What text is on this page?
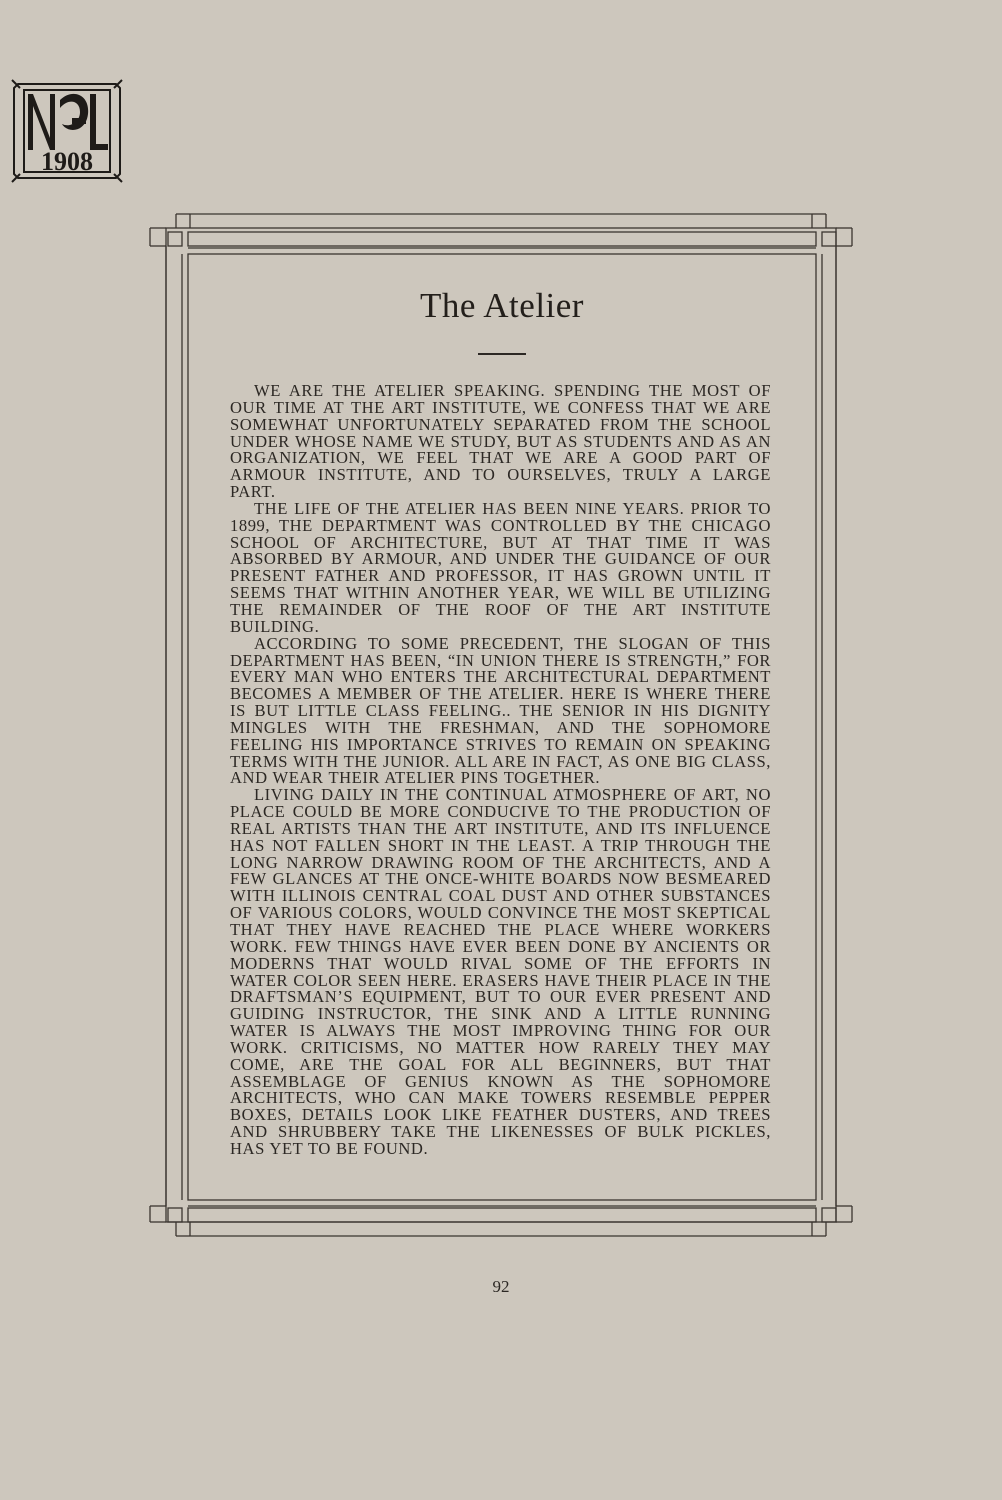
1908
The Atelier

WE ARE THE ATELIER SPEAKING. SPENDING THE MOST OF OUR TIME AT THE ART INSTITUTE, WE CONFESS THAT WE ARE SOMEWHAT UNFORTUNATELY SEPARATED FROM THE SCHOOL UNDER WHOSE NAME WE STUDY, BUT AS STUDENTS AND AS AN ORGANIZATION, WE FEEL THAT WE ARE A GOOD PART OF ARMOUR INSTITUTE, AND TO OURSELVES, TRULY A LARGE PART.

THE LIFE OF THE ATELIER HAS BEEN NINE YEARS. PRIOR TO 1899, THE DEPARTMENT WAS CONTROLLED BY THE CHICAGO SCHOOL OF ARCHITECTURE, BUT AT THAT TIME IT WAS ABSORBED BY ARMOUR, AND UNDER THE GUIDANCE OF OUR PRESENT FATHER AND PROFESSOR, IT HAS GROWN UNTIL IT SEEMS THAT WITHIN ANOTHER YEAR, WE WILL BE UTILIZING THE REMAINDER OF THE ROOF OF THE ART INSTITUTE BUILDING.

ACCORDING TO SOME PRECEDENT, THE SLOGAN OF THIS DEPARTMENT HAS BEEN, “IN UNION THERE IS STRENGTH,” FOR EVERY MAN WHO ENTERS THE ARCHITECTURAL DEPARTMENT BECOMES A MEMBER OF THE ATELIER. HERE IS WHERE THERE IS BUT LITTLE CLASS FEELING.. THE SENIOR IN HIS DIGNITY MINGLES WITH THE FRESHMAN, AND THE SOPHOMORE FEELING HIS IMPORTANCE STRIVES TO REMAIN ON SPEAKING TERMS WITH THE JUNIOR. ALL ARE IN FACT, AS ONE BIG CLASS, AND WEAR THEIR ATELIER PINS TOGETHER.

LIVING DAILY IN THE CONTINUAL ATMOSPHERE OF ART, NO PLACE COULD BE MORE CONDUCIVE TO THE PRODUCTION OF REAL ARTISTS THAN THE ART INSTITUTE, AND ITS INFLUENCE HAS NOT FALLEN SHORT IN THE LEAST. A TRIP THROUGH THE LONG NARROW DRAWING ROOM OF THE ARCHITECTS, AND A FEW GLANCES AT THE ONCE-WHITE BOARDS NOW BESMEARED WITH ILLINOIS CENTRAL COAL DUST AND OTHER SUBSTANCES OF VARIOUS COLORS, WOULD CONVINCE THE MOST SKEPTICAL THAT THEY HAVE REACHED THE PLACE WHERE WORKERS WORK. FEW THINGS HAVE EVER BEEN DONE BY ANCIENTS OR MODERNS THAT WOULD RIVAL SOME OF THE EFFORTS IN WATER COLOR SEEN HERE. ERASERS HAVE THEIR PLACE IN THE DRAFTSMAN’S EQUIPMENT, BUT TO OUR EVER PRESENT AND GUIDING INSTRUCTOR, THE SINK AND A LITTLE RUNNING WATER IS ALWAYS THE MOST IMPROVING THING FOR OUR WORK. CRITICISMS, NO MATTER HOW RARELY THEY MAY COME, ARE THE GOAL FOR ALL BEGINNERS, BUT THAT ASSEMBLAGE OF GENIUS KNOWN AS THE SOPHOMORE ARCHITECTS, WHO CAN MAKE TOWERS RESEMBLE PEPPER BOXES, DETAILS LOOK LIKE FEATHER DUSTERS, AND TREES AND SHRUBBERY TAKE THE LIKENESSES OF BULK PICKLES, HAS YET TO BE FOUND.

92
